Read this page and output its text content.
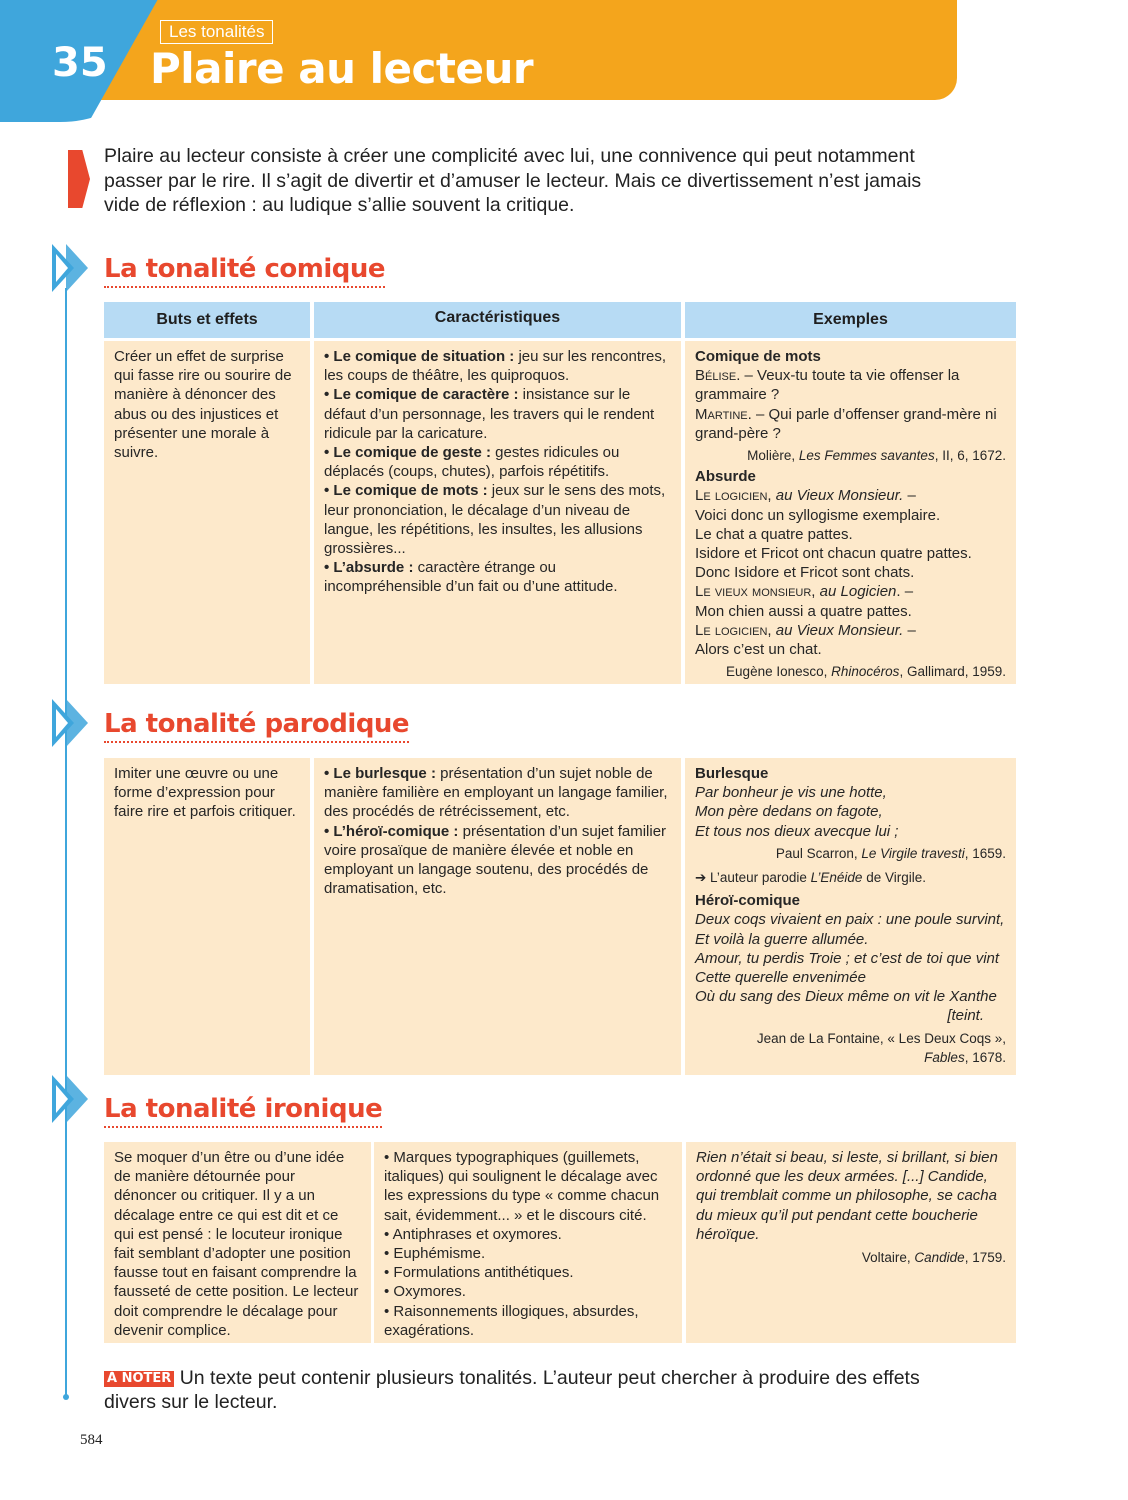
35
Les tonalités
Plaire au lecteur
Plaire au lecteur consiste à créer une complicité avec lui, une connivence qui peut notamment passer par le rire. Il s’agit de divertir et d’amuser le lecteur. Mais ce divertissement n’est jamais vide de réflexion : au ludique s’allie souvent la critique.
La tonalité comique
Buts et effets	Caractéristiques	Exemples

Créer un effet de surprise qui fasse rire ou sourire de manière à dénoncer des abus ou des injustices et présenter une morale à suivre.

• Le comique de situation : jeu sur les rencontres, les coups de théâtre, les quiproquos.

• Le comique de caractère : insistance sur le défaut d’un personnage, les travers qui le rendent ridicule par la caricature.

• Le comique de geste : gestes ridicules ou déplacés (coups, chutes), parfois répétitifs.

• Le comique de mots : jeux sur le sens des mots, leur prononciation, le décalage d’un niveau de langue, les répétitions, les insultes, les allusions grossières...

• L’absurde : caractère étrange ou incompréhensible d’un fait ou d’une attitude.

Comique de mots

Bélise. – Veux-tu toute ta vie offenser la grammaire ?

Martine. – Qui parle d’offenser grand-mère ni grand-père ?

Molière, Les Femmes savantes, II, 6, 1672.

Absurde

Le logicien, au Vieux Monsieur. –

Voici donc un syllogisme exemplaire.

Le chat a quatre pattes.

Isidore et Fricot ont chacun quatre pattes.

Donc Isidore et Fricot sont chats.

Le vieux monsieur, au Logicien. –

Mon chien aussi a quatre pattes.

Le logicien, au Vieux Monsieur. –

Alors c’est un chat.

Eugène Ionesco, Rhinocéros, Gallimard, 1959.

La tonalité parodique

Imiter une œuvre ou une forme d’expression pour faire rire et parfois critiquer.

• Le burlesque : présentation d’un sujet noble de manière familière en employant un langage familier, des procédés de rétrécissement, etc.

• L’héroï-comique : présentation d’un sujet familier voire prosaïque de manière élevée et noble en employant un langage soutenu, des procédés de dramatisation, etc.

Burlesque

Par bonheur je vis une hotte,

Mon père dedans on fagote,

Et tous nos dieux avecque lui ;

Paul Scarron, Le Virgile travesti, 1659.

➔ L’auteur parodie L’Enéide de Virgile.

Héroï-comique

Deux coqs vivaient en paix : une poule survint,

Et voilà la guerre allumée.

Amour, tu perdis Troie ; et c’est de toi que vint

Cette querelle envenimée

Où du sang des Dieux même on vit le Xanthe

[teint.

Jean de La Fontaine, « Les Deux Coqs »,

Fables, 1678.

La tonalité ironique

Se moquer d’un être ou d’une idée de manière détournée pour dénoncer ou critiquer. Il y a un décalage entre ce qui est dit et ce qui est pensé : le locuteur ironique fait semblant d’adopter une position fausse tout en faisant comprendre la fausseté de cette position. Le lecteur doit comprendre le décalage pour devenir complice.

• Marques typographiques (guillemets, italiques) qui soulignent le décalage avec les expressions du type « comme chacun sait, évidemment... » et le discours cité.

• Antiphrases et oxymores.

• Euphémisme.

• Formulations antithétiques.

• Oxymores.

• Raisonnements illogiques, absurdes, exagérations.

Rien n’était si beau, si leste, si brillant, si bien ordonné que les deux armées. [...] Candide, qui tremblait comme un philosophe, se cacha du mieux qu’il put pendant cette boucherie héroïque.

Voltaire, Candide, 1759.

À NOTER Un texte peut contenir plusieurs tonalités. L’auteur peut chercher à produire des effets divers sur le lecteur.
584
